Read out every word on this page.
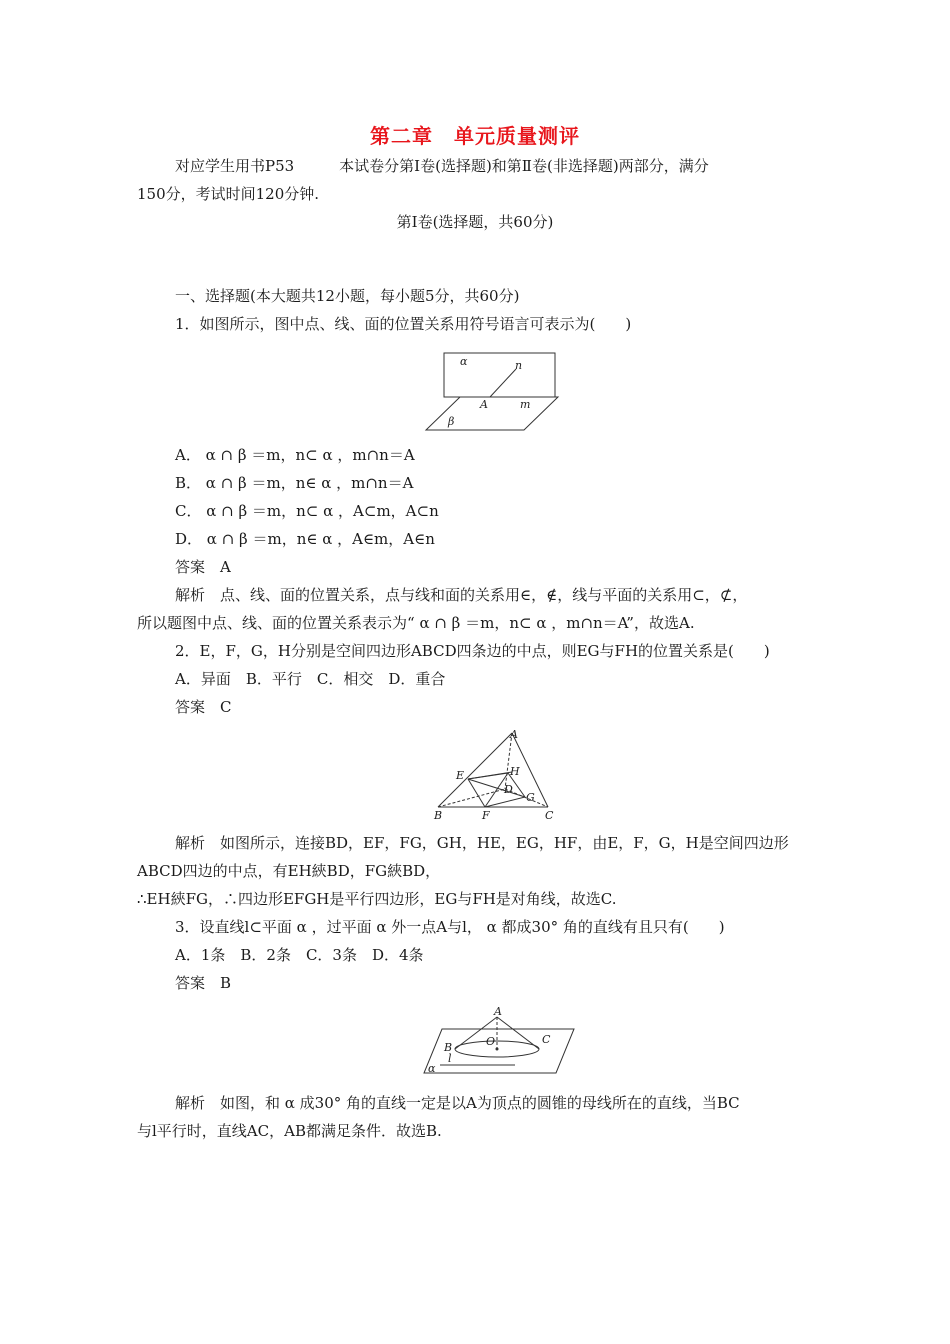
第二章　单元质量测评
对应学生用书P53　　　本试卷分第Ⅰ卷(选择题)和第Ⅱ卷(非选择题)两部分，满分
150分，考试时间120分钟.
第Ⅰ卷(选择题，共60分)
一、选择题(本大题共12小题，每小题5分，共60分)
1．如图所示，图中点、线、面的位置关系用符号语言可表示为(　　)
α	n
A	m
β
A． α ∩ β ＝m，n⊂ α ，m∩n＝A
B． α ∩ β ＝m，n∈ α ，m∩n＝A
C． α ∩ β ＝m，n⊂ α ，A⊂m，A⊂n
D． α ∩ β ＝m，n∈ α ，A∈m，A∈n
答案　A
解析　点、线、面的位置关系，点与线和面的关系用∈，∉，线与平面的关系用⊂，⊄，
所以题图中点、线、面的位置关系表示为“ α ∩ β ＝m，n⊂ α ，m∩n＝A”，故选A.
2．E，F，G，H分别是空间四边形ABCD四条边的中点，则EG与FH的位置关系是(　　)
A．异面　B．平行　C．相交　D．重合
答案　C
A
E	H
D
G
B	F	C
解析　如图所示，连接BD，EF，FG，GH，HE，EG，HF，由E，F，G，H是空间四边形
ABCD四边的中点，有EH綊BD，FG綊BD，
∴EH綊FG，∴四边形EFGH是平行四边形，EG与FH是对角线，故选C.
3．设直线l⊂平面 α ，过平面 α 外一点A与l， α 都成30° 角的直线有且只有(　　)
A．1条　B．2条　C．3条　D．4条
答案　B
A
B
C
O
l
α
解析　如图，和 α 成30° 角的直线一定是以A为顶点的圆锥的母线所在的直线，当BC
与l平行时，直线AC，AB都满足条件．故选B.
